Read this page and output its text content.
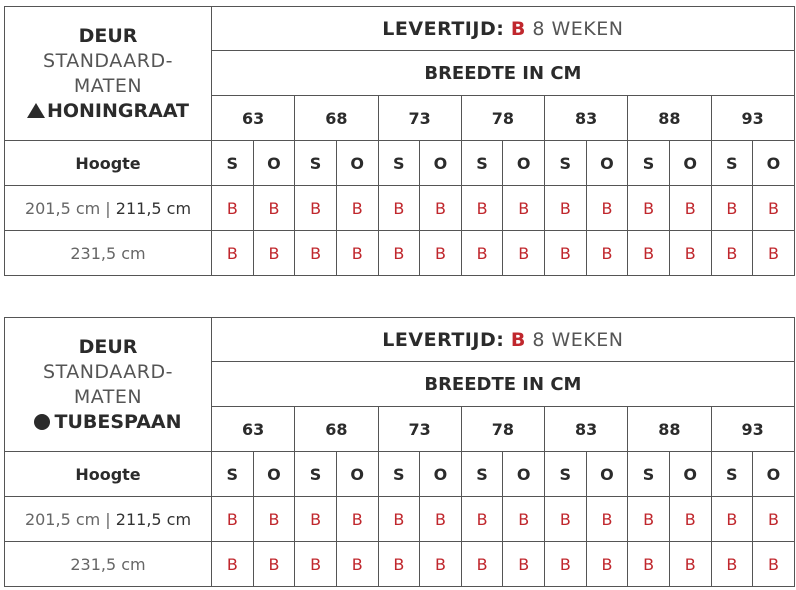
DEUR
STANDAARD-
MATEN
HONINGRAAT	LEVERTIJD: B 8 WEKEN													
	BREEDTE IN CM													
	63		68		73		78		83		88		93	
Hoogte	S	O	S	O	S	O	S	O	S	O	S	O	S	O
201,5 cm | 211,5 cm	B	B	B	B	B	B	B	B	B	B	B	B	B	B
231,5 cm	B	B	B	B	B	B	B	B	B	B	B	B	B	B
DEUR
STANDAARD-
MATEN
TUBESPAAN	LEVERTIJD: B 8 WEKEN													
	BREEDTE IN CM													
	63		68		73		78		83		88		93	
Hoogte	S	O	S	O	S	O	S	O	S	O	S	O	S	O
201,5 cm | 211,5 cm	B	B	B	B	B	B	B	B	B	B	B	B	B	B
231,5 cm	B	B	B	B	B	B	B	B	B	B	B	B	B	B
